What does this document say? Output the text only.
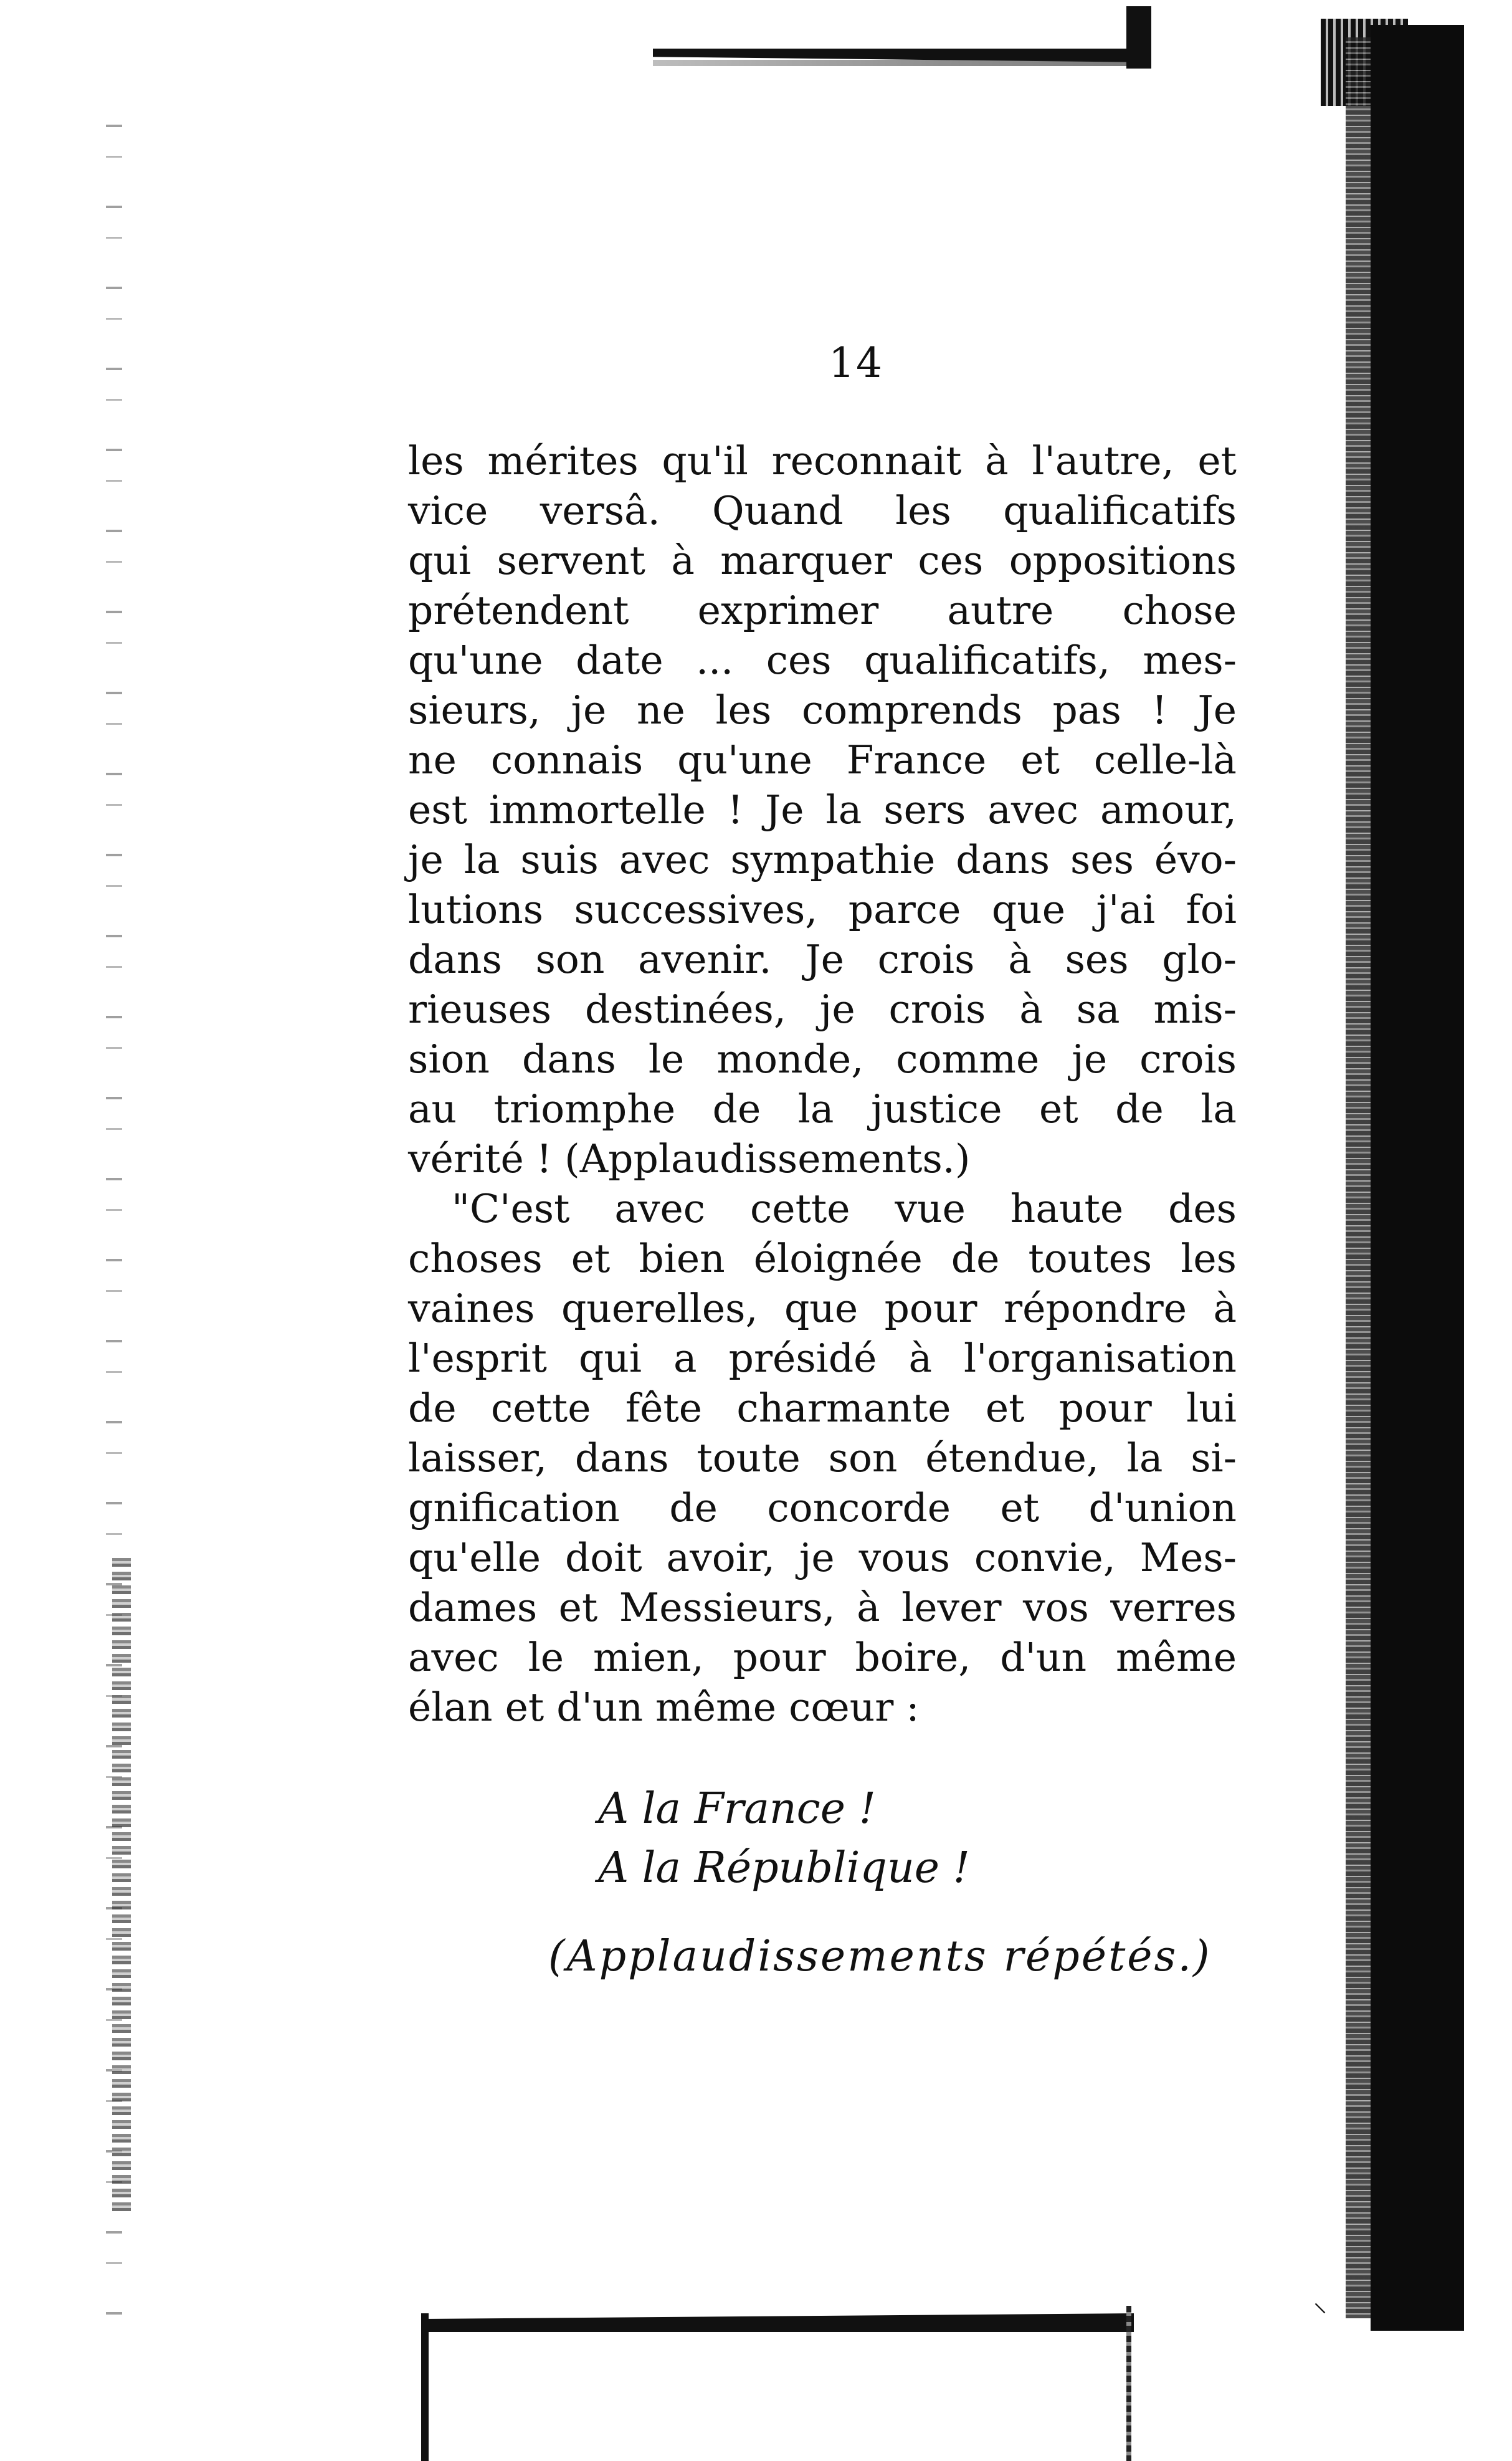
14
les mérites qu'il reconnait à l'autre, et
vice versâ. Quand les qualificatifs
qui servent à marquer ces oppositions
prétendent exprimer autre chose
qu'une date ... ces qualificatifs, mes-
sieurs, je ne les comprends pas ! Je
ne connais qu'une France et celle-là
est immortelle ! Je la sers avec amour,
je la suis avec sympathie dans ses évo-
lutions successives, parce que j'ai foi
dans son avenir. Je crois à ses glo-
rieuses destinées, je crois à sa mis-
sion dans le monde, comme je crois
au triomphe de la justice et de la
vérité ! (Applaudissements.)
"C'est avec cette vue haute des
choses et bien éloignée de toutes les
vaines querelles, que pour répondre à
l'esprit qui a présidé à l'organisation
de cette fête charmante et pour lui
laisser, dans toute son étendue, la si-
gnification de concorde et d'union
qu'elle doit avoir, je vous convie, Mes-
dames et Messieurs, à lever vos verres
avec le mien, pour boire, d'un même
élan et d'un même cœur :
A la France !
A la République !
(Applaudissements répétés.)
⸌
